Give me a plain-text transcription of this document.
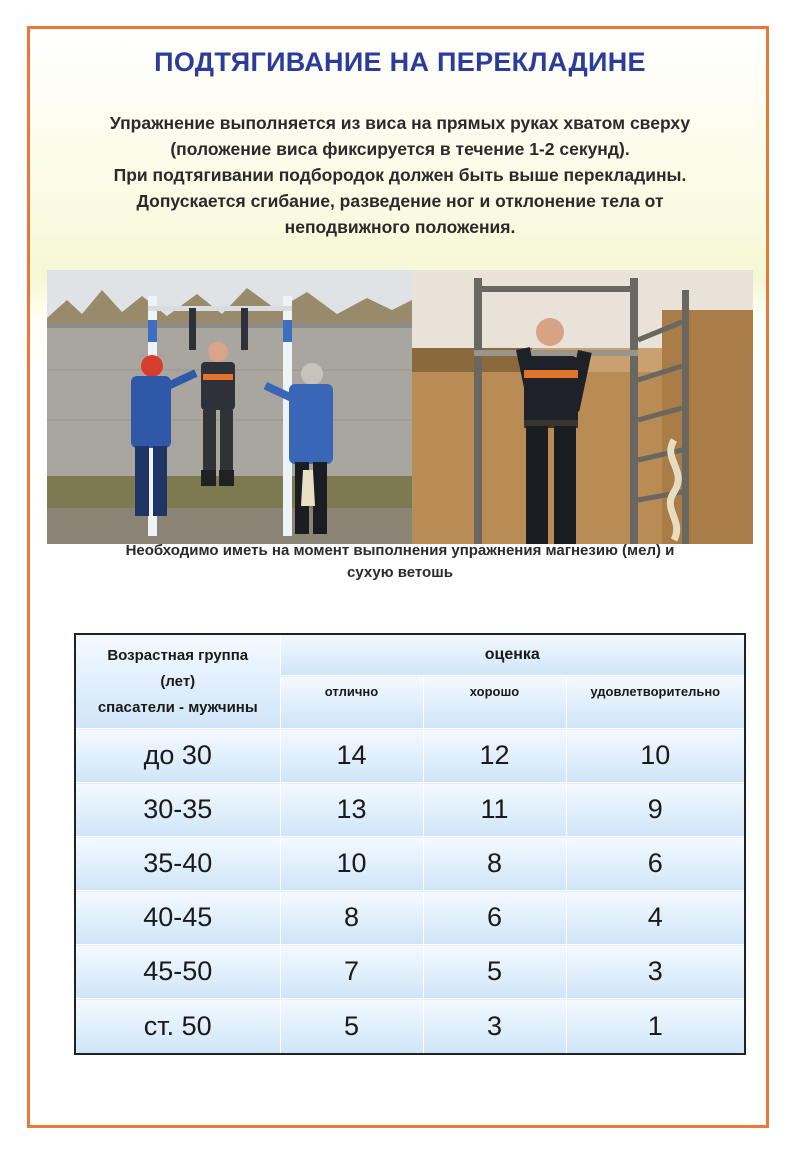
ПОДТЯГИВАНИЕ НА ПЕРЕКЛАДИНЕ
Упражнение выполняется из виса на прямых руках хватом сверху
(положение виса фиксируется в течение 1-2 секунд).
При подтягивании подбородок должен быть выше перекладины.
Допускается сгибание, разведение ног и отклонение тела от
неподвижного положения.
Необходимо иметь на момент выполнения упражнения магнезию (мел) и
сухую ветошь
Возрастная группа
(лет)
спасатели - мужчины	оценка		
	отлично	хорошо	удовлетворительно
до 30	14	12	10
30-35	13	11	9
35-40	10	8	6
40-45	8	6	4
45-50	7	5	3
ст. 50	5	3	1
